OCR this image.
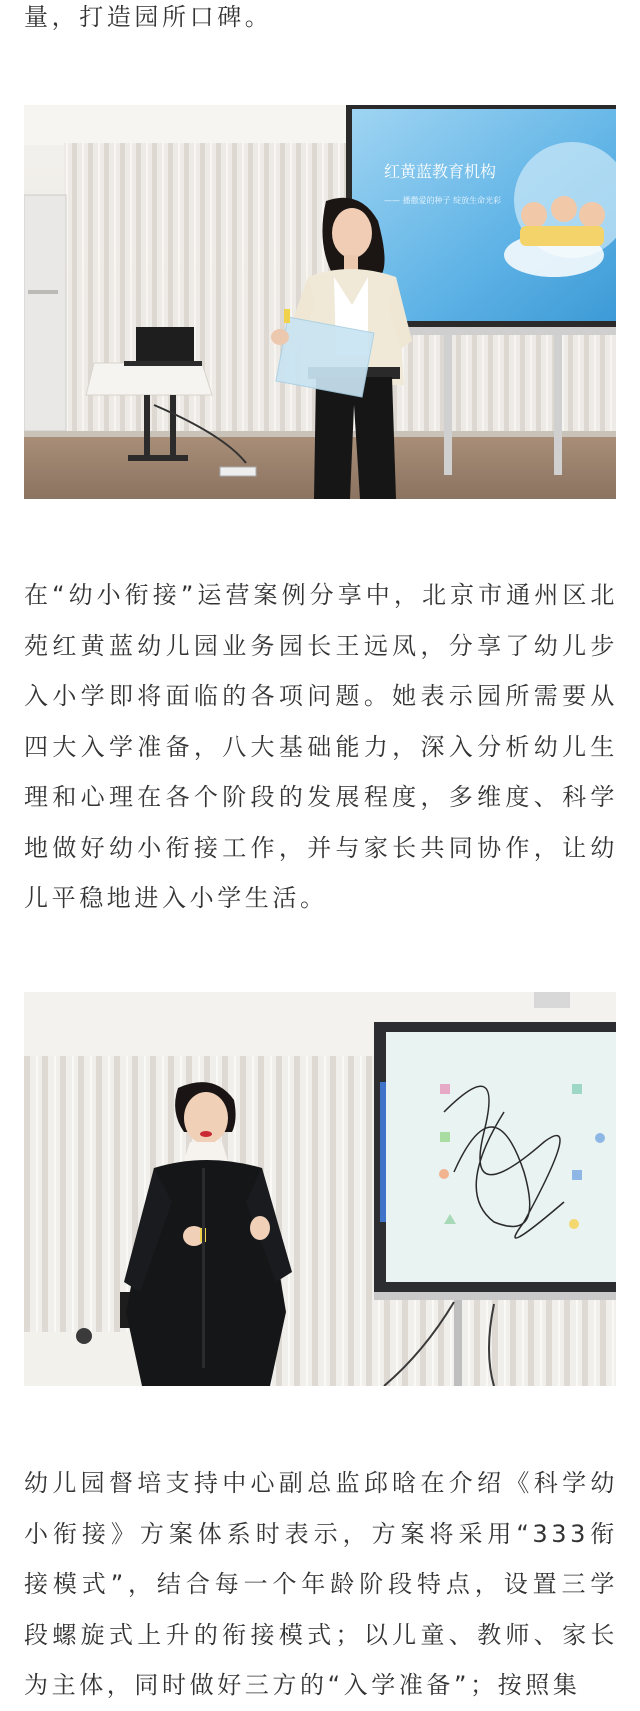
量，打造园所口碑。

红黄蓝教育机构
—— 播撒爱的种子 绽放生命光彩

在“幼小衔接”运营案例分享中，北京市通州区北苑红黄蓝幼儿园业务园长王远凤，分享了幼儿步入小学即将面临的各项问题。她表示园所需要从四大入学准备，八大基础能力，深入分析幼儿生理和心理在各个阶段的发展程度，多维度、科学地做好幼小衔接工作，并与家长共同协作，让幼儿平稳地进入小学生活。

幼儿园督培支持中心副总监邱晗在介绍《科学幼小衔接》方案体系时表示，方案将采用“333衔接模式”，结合每一个年龄阶段特点，设置三学段螺旋式上升的衔接模式；以儿童、教师、家长为主体，同时做好三方的“入学准备”；按照集
